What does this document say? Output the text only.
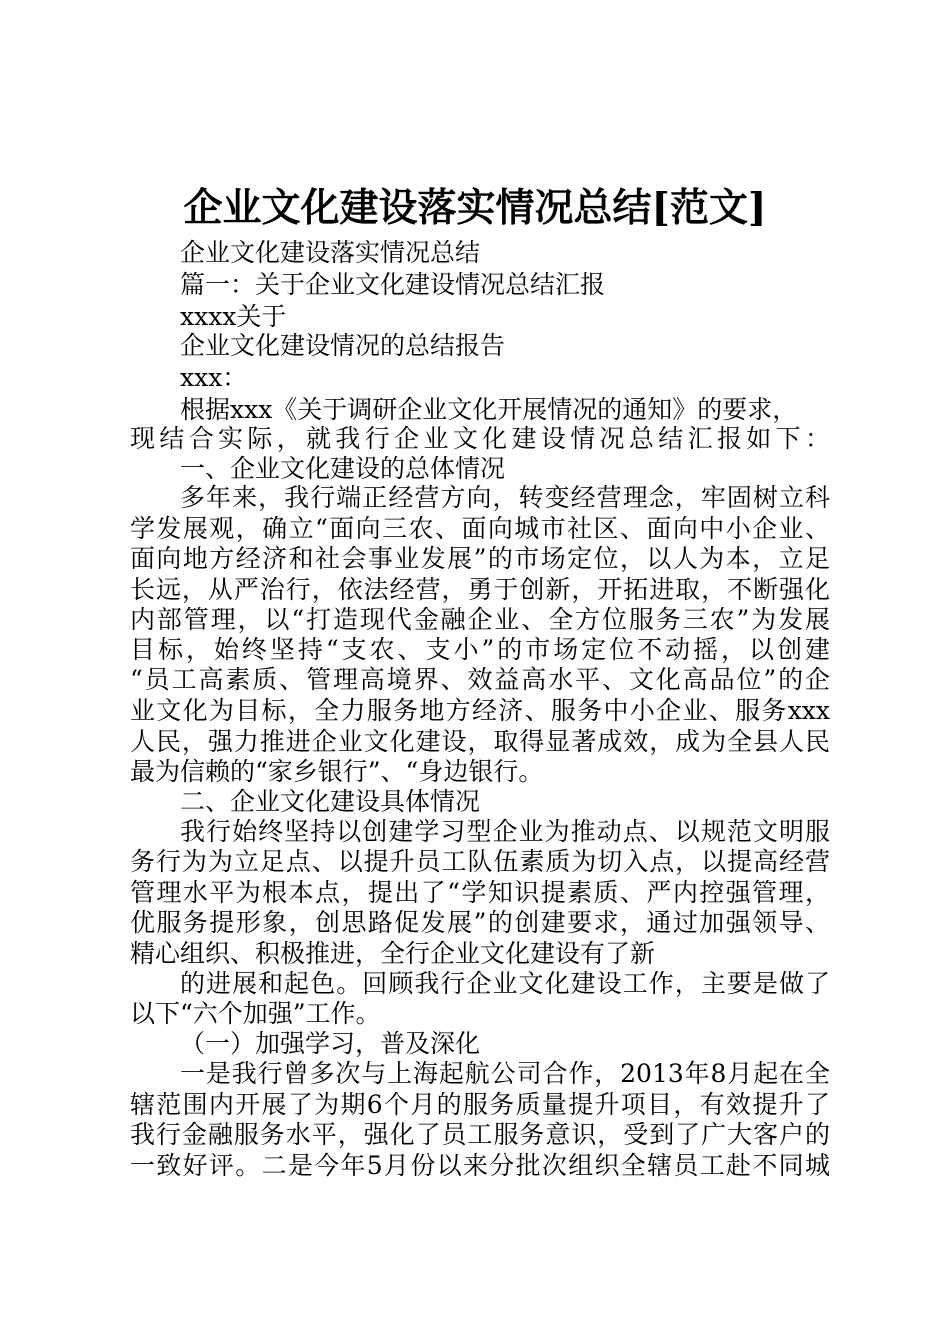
企业文化建设落实情况总结[范文]
企业文化建设落实情况总结
篇一：关于企业文化建设情况总结汇报
xxxx关于
企业文化建设情况的总结报告
xxx：
根据xxx《关于调研企业文化开展情况的通知》的要求，
现结合实际，就我行企业文化建设情况总结汇报如下：
一、企业文化建设的总体情况
多年来，我行端正经营方向，转变经营理念，牢固树立科
学发展观，确立“面向三农、面向城市社区、面向中小企业、
面向地方经济和社会事业发展”的市场定位，以人为本，立足
长远，从严治行，依法经营，勇于创新，开拓进取，不断强化
内部管理，以“打造现代金融企业、全方位服务三农”为发展
目标，始终坚持“支农、支小”的市场定位不动摇，以创建
“员工高素质、管理高境界、效益高水平、文化高品位”的企
业文化为目标，全力服务地方经济、服务中小企业、服务xxx
人民，强力推进企业文化建设，取得显著成效，成为全县人民
最为信赖的“家乡银行”、“身边银行。
二、企业文化建设具体情况
我行始终坚持以创建学习型企业为推动点、以规范文明服
务行为为立足点、以提升员工队伍素质为切入点，以提高经营
管理水平为根本点，提出了“学知识提素质、严内控强管理，
优服务提形象，创思路促发展”的创建要求，通过加强领导、
精心组织、积极推进，全行企业文化建设有了新
的进展和起色。回顾我行企业文化建设工作，主要是做了
以下“六个加强”工作。
（一）加强学习，普及深化
一是我行曾多次与上海起航公司合作，2013年8月起在全
辖范围内开展了为期6个月的服务质量提升项目，有效提升了
我行金融服务水平，强化了员工服务意识，受到了广大客户的
一致好评。二是今年5月份以来分批次组织全辖员工赴不同城
